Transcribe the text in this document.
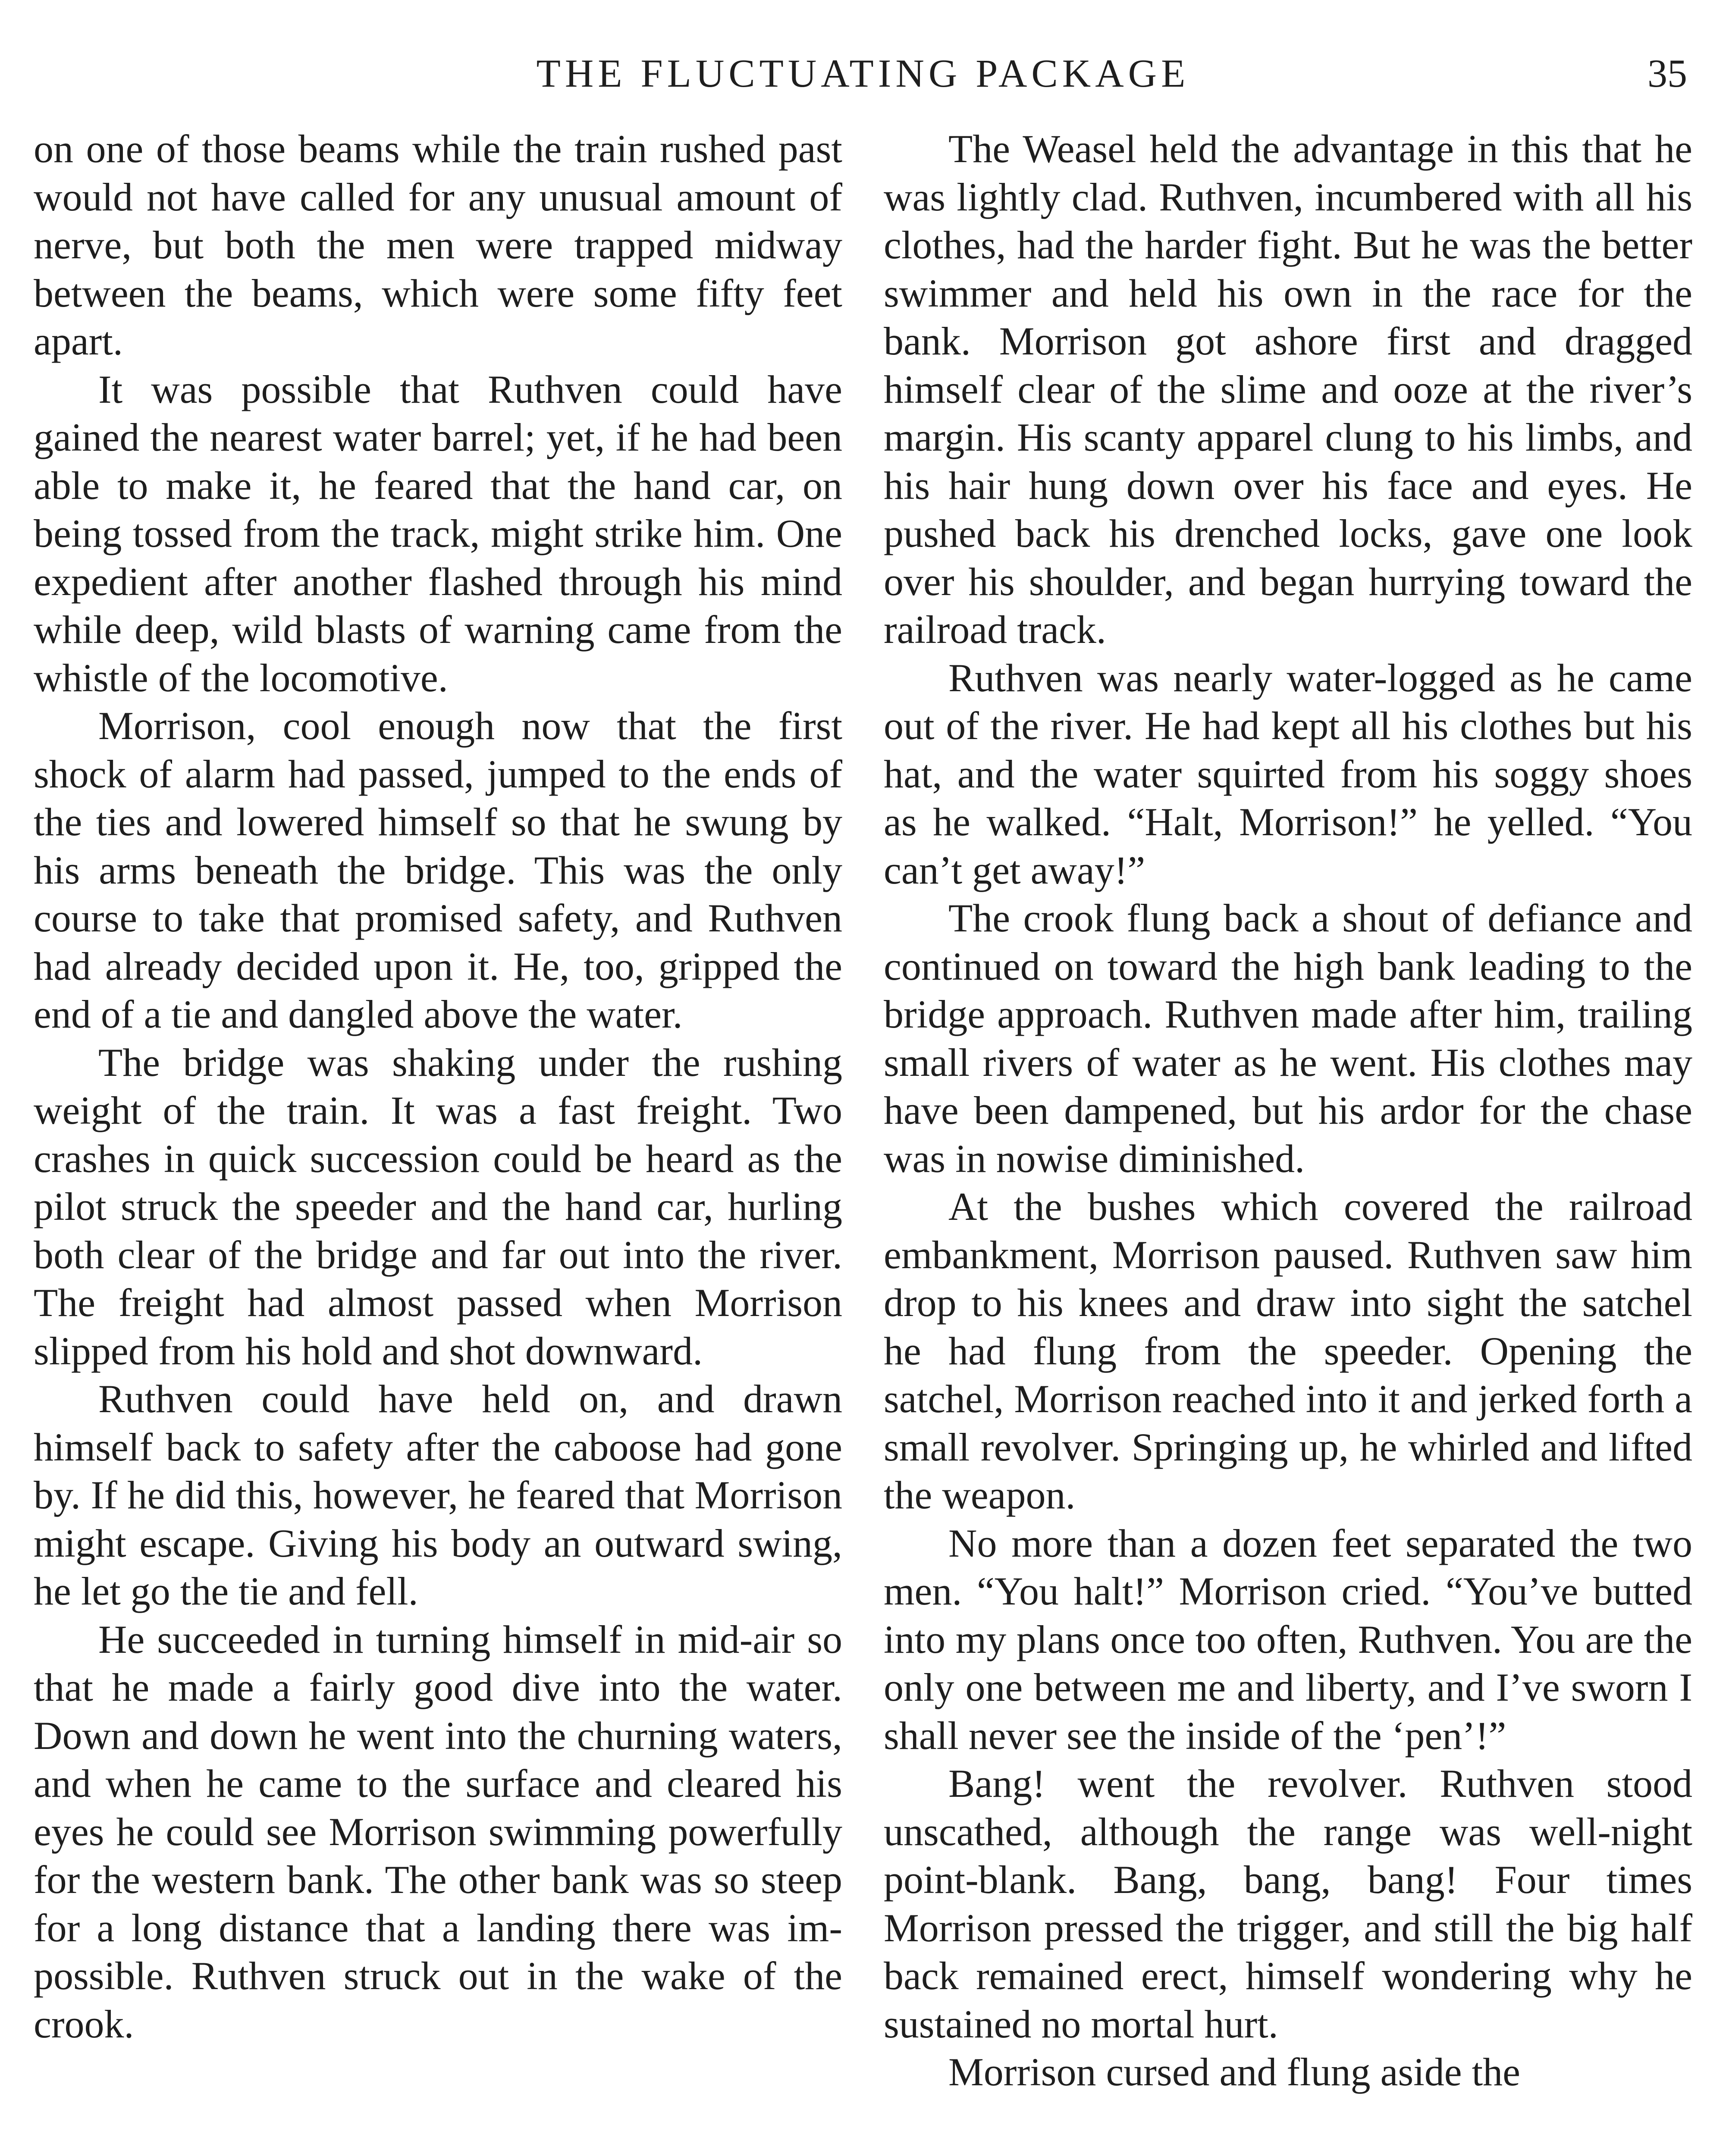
THE FLUCTUATING PACKAGE	35

on one of those beams while the train rushed past would not have called for any unusual amount of nerve, but both the men were trapped midway between the beams, which were some fifty feet apart.

It was possible that Ruthven could have gained the nearest water barrel; yet, if he had been able to make it, he feared that the hand car, on being tossed from the track, might strike him. One expedient after another flashed through his mind while deep, wild blasts of warning came from the whistle of the locomotive.

Morrison, cool enough now that the first shock of alarm had passed, jumped to the ends of the ties and lowered himself so that he swung by his arms beneath the bridge. This was the only course to take that promised safety, and Ruthven had already decided upon it. He, too, gripped the end of a tie and dangled above the water.

The bridge was shaking under the rushing weight of the train. It was a fast freight. Two crashes in quick succession could be heard as the pilot struck the speeder and the hand car, hurling both clear of the bridge and far out into the river. The freight had almost passed when Morrison slipped from his hold and shot downward.

Ruthven could have held on, and drawn himself back to safety after the caboose had gone by. If he did this, however, he feared that Morrison might escape. Giving his body an outward swing, he let go the tie and fell.

He succeeded in turning himself in mid-air so that he made a fairly good dive into the water. Down and down he went into the churning waters, and when he came to the surface and cleared his eyes he could see Morrison swimming powerfully for the western bank. The other bank was so steep for a long distance that a landing there was impossible. Ruthven struck out in the wake of the crook.

The Weasel held the advantage in this that he was lightly clad. Ruthven, incumbered with all his clothes, had the harder fight. But he was the better swimmer and held his own in the race for the bank. Morrison got ashore first and dragged himself clear of the slime and ooze at the river’s margin. His scanty apparel clung to his limbs, and his hair hung down over his face and eyes. He pushed back his drenched locks, gave one look over his shoulder, and began hurrying toward the railroad track.

Ruthven was nearly water-logged as he came out of the river. He had kept all his clothes but his hat, and the water squirted from his soggy shoes as he walked. “Halt, Morrison!” he yelled. “You can’t get away!”

The crook flung back a shout of defiance and continued on toward the high bank leading to the bridge approach. Ruthven made after him, trailing small rivers of water as he went. His clothes may have been dampened, but his ardor for the chase was in nowise diminished.

At the bushes which covered the railroad embankment, Morrison paused. Ruthven saw him drop to his knees and draw into sight the satchel he had flung from the speeder. Opening the satchel, Morrison reached into it and jerked forth a small revolver. Springing up, he whirled and lifted the weapon.

No more than a dozen feet separated the two men. “You halt!” Morrison cried. “You’ve butted into my plans once too often, Ruthven. You are the only one between me and liberty, and I’ve sworn I shall never see the inside of the ‘pen’!”

Bang! went the revolver. Ruthven stood unscathed, although the range was well-night point-blank. Bang, bang, bang! Four times Morrison pressed the trigger, and still the big half back remained erect, himself wondering why he sustained no mortal hurt.

Morrison cursed and flung aside the
